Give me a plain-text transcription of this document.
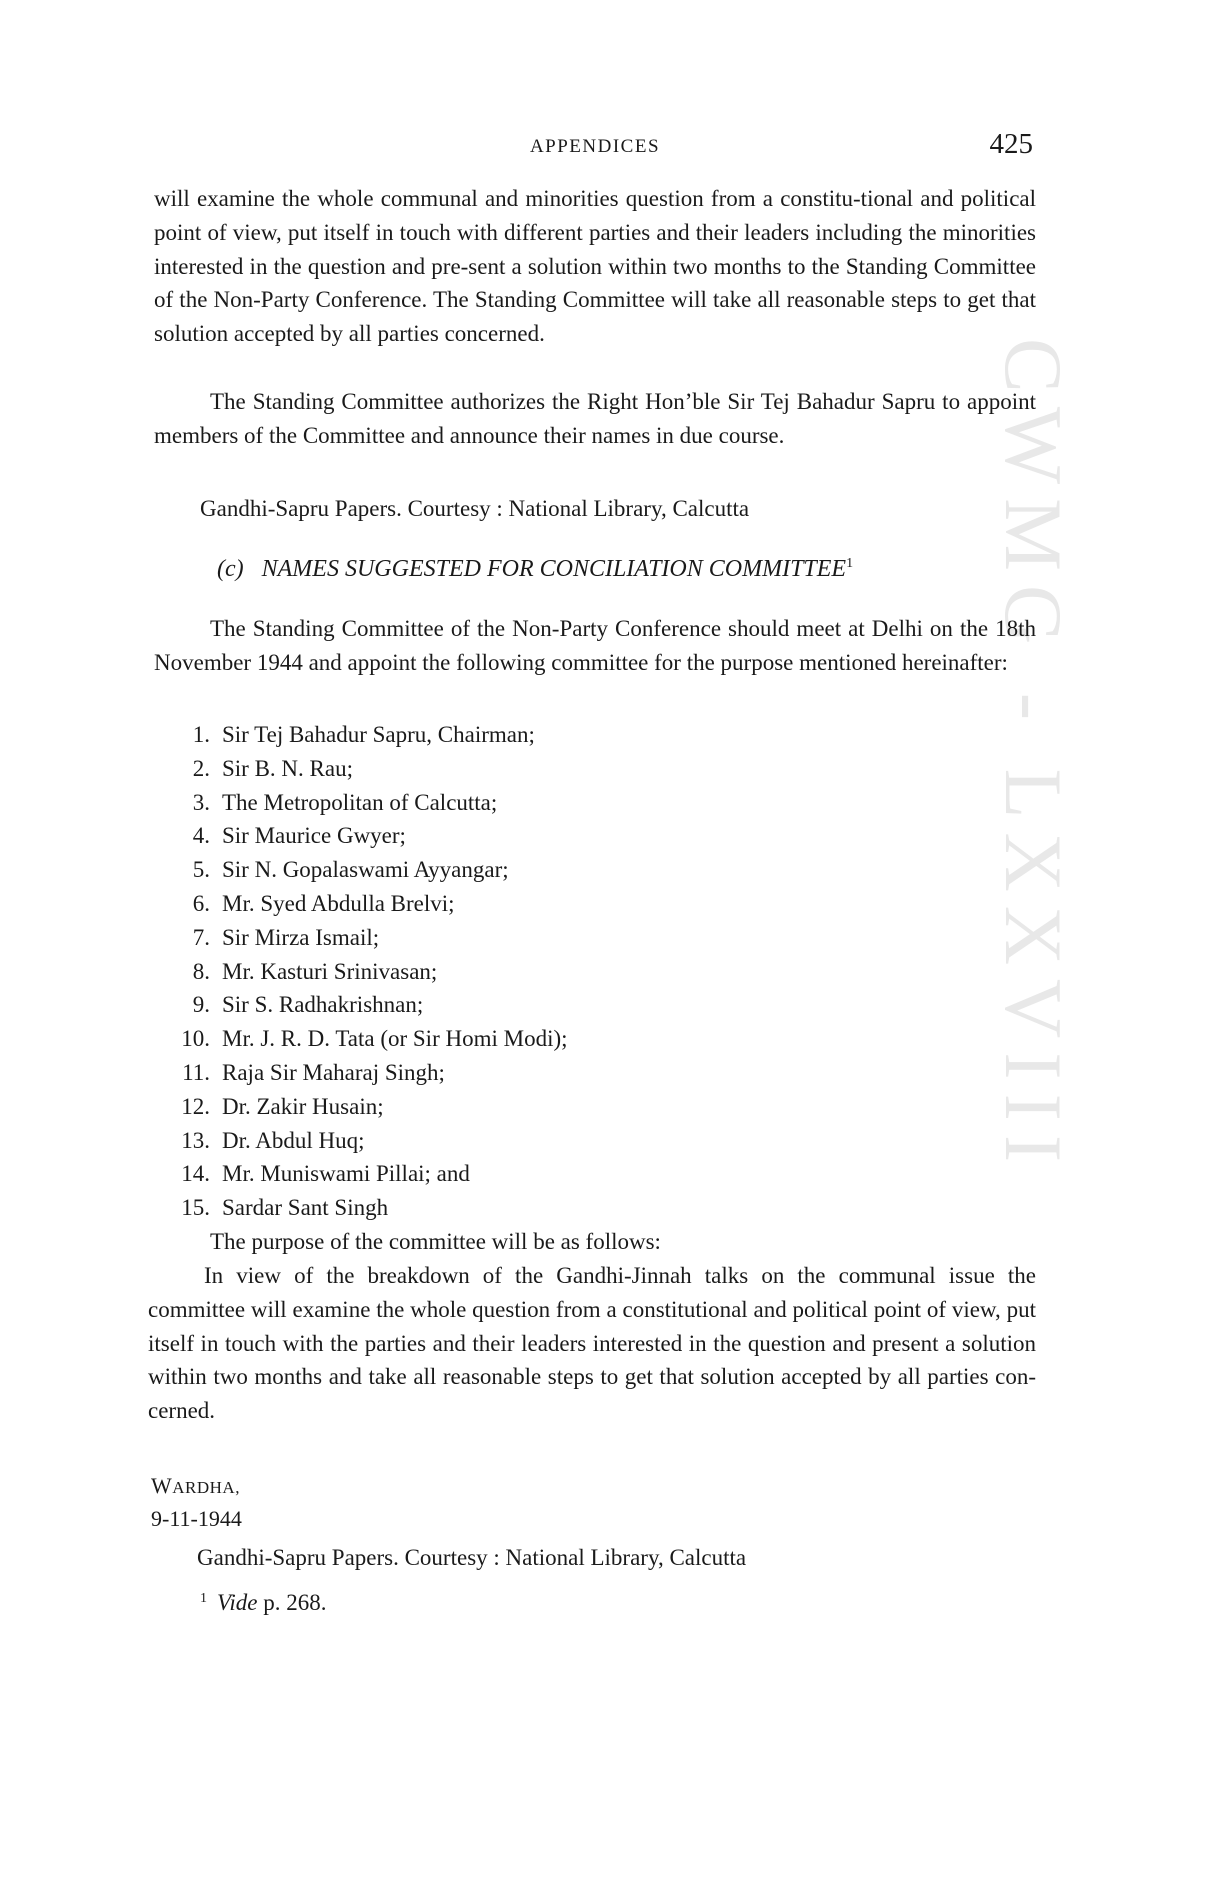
CWMG - LXXVIII
APPENDICES	425

will examine the whole communal and minorities question from a constitu-tional and political point of view, put itself in touch with different parties and their leaders including the minorities interested in the question and pre-sent a solution within two months to the Standing Committee of the Non-Party Conference. The Standing Committee will take all reasonable steps to get that solution accepted by all parties concerned.

The Standing Committee authorizes the Right Hon’ble Sir Tej Bahadur Sapru to appoint members of the Committee and announce their names in due course.

Gandhi-Sapru Papers. Courtesy : National Library, Calcutta
(c) NAMES SUGGESTED FOR CONCILIATION COMMITTEE$^1$

The Standing Committee of the Non-Party Conference should meet at Delhi on the 18th November 1944 and appoint the following committee for the purpose mentioned hereinafter:

1. Sir Tej Bahadur Sapru, Chairman;
2. Sir B. N. Rau;
3. The Metropolitan of Calcutta;
4. Sir Maurice Gwyer;
5. Sir N. Gopalaswami Ayyangar;
6. Mr. Syed Abdulla Brelvi;
7. Sir Mirza Ismail;
8. Mr. Kasturi Srinivasan;
9. Sir S. Radhakrishnan;
10. Mr. J. R. D. Tata (or Sir Homi Modi);
11. Raja Sir Maharaj Singh;
12. Dr. Zakir Husain;
13. Dr. Abdul Huq;
14. Mr. Muniswami Pillai; and
15. Sardar Sant Singh

The purpose of the committee will be as follows:

In view of the breakdown of the Gandhi-Jinnah talks on the communal issue the committee will examine the whole question from a constitutional and political point of view, put itself in touch with the parties and their leaders interested in the question and present a solution within two months and take all reasonable steps to get that solution accepted by all parties con-cerned.

WARDHA,
9-11-1944
Gandhi-Sapru Papers. Courtesy : National Library, Calcutta
$^1$ Vide p. 268.
